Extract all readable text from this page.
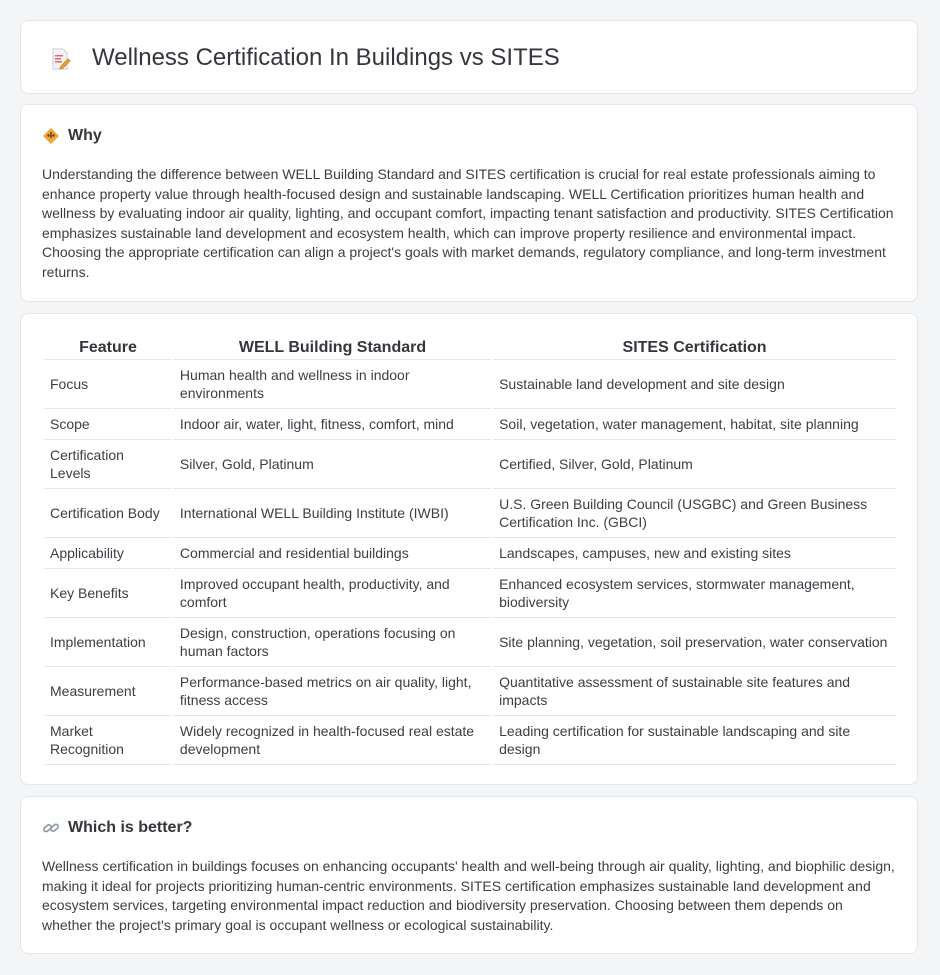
Wellness Certification In Buildings vs SITES
Why

Understanding the difference between WELL Building Standard and SITES certification is crucial for real estate professionals aiming to enhance property value through health-focused design and sustainable landscaping. WELL Certification prioritizes human health and wellness by evaluating indoor air quality, lighting, and occupant comfort, impacting tenant satisfaction and productivity. SITES Certification emphasizes sustainable land development and ecosystem health, which can improve property resilience and environmental impact. Choosing the appropriate certification can align a project's goals with market demands, regulatory compliance, and long-term investment returns.

Feature	WELL Building Standard	SITES Certification
Focus	Human health and wellness in indoor environments	Sustainable land development and site design
Scope	Indoor air, water, light, fitness, comfort, mind	Soil, vegetation, water management, habitat, site planning
Certification Levels	Silver, Gold, Platinum	Certified, Silver, Gold, Platinum
Certification Body	International WELL Building Institute (IWBI)	U.S. Green Building Council (USGBC) and Green Business Certification Inc. (GBCI)
Applicability	Commercial and residential buildings	Landscapes, campuses, new and existing sites
Key Benefits	Improved occupant health, productivity, and comfort	Enhanced ecosystem services, stormwater management, biodiversity
Implementation	Design, construction, operations focusing on human factors	Site planning, vegetation, soil preservation, water conservation
Measurement	Performance-based metrics on air quality, light, fitness access	Quantitative assessment of sustainable site features and impacts
Market Recognition	Widely recognized in health-focused real estate development	Leading certification for sustainable landscaping and site design
Which is better?

Wellness certification in buildings focuses on enhancing occupants' health and well-being through air quality, lighting, and biophilic design, making it ideal for projects prioritizing human-centric environments. SITES certification emphasizes sustainable land development and ecosystem services, targeting environmental impact reduction and biodiversity preservation. Choosing between them depends on whether the project's primary goal is occupant wellness or ecological sustainability.
